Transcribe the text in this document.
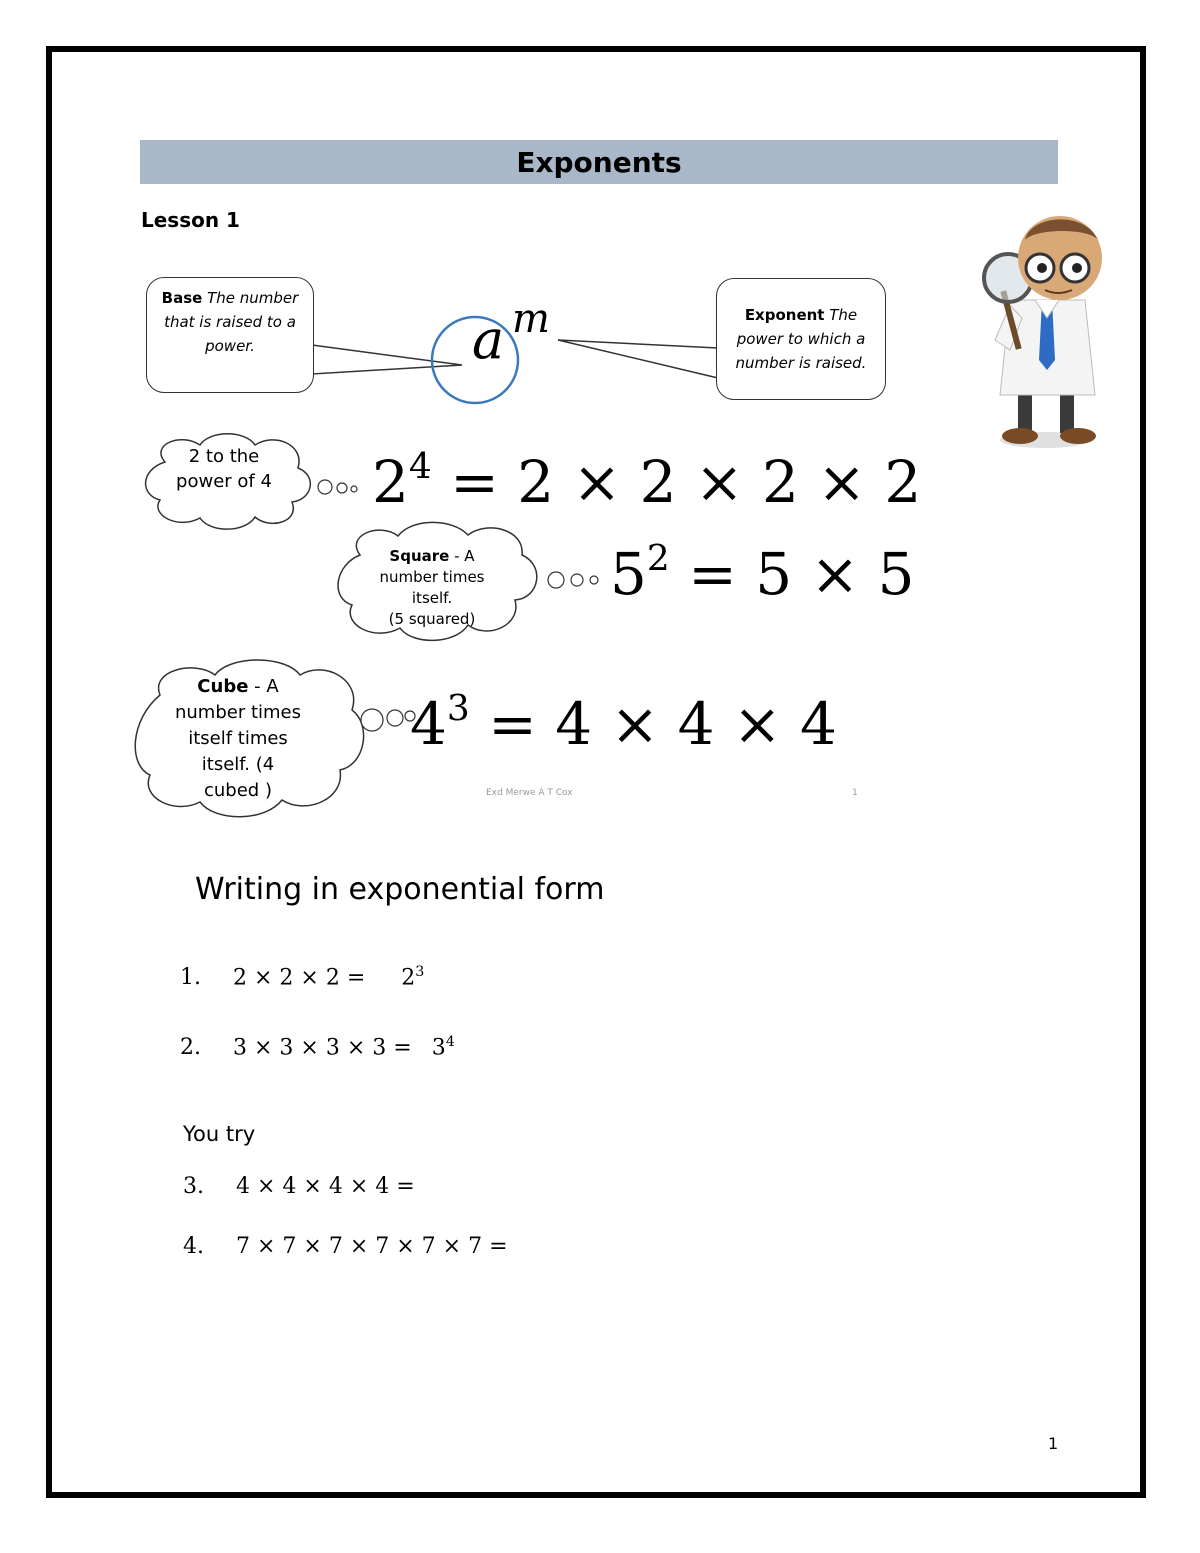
Exponents
Lesson 1
Base The number that is raised to a power.
Exponent The power to which a number is raised.
a m
2 to the power of 4 $2^4 = 2 \times 2 \times 2 \times 2$
Square - A number times itself.
(5 squared)
$5^2 = 5 \times 5$
Cube - A number times itself times itself. (4 cubed )
$4^3 = 4 \times 4 \times 4$
Exd Merwe A T Cox	1
Writing in exponential form
1. $2 \times 2 \times 2 = 2^3$
2. $3 \times 3 \times 3 \times 3 = 3^4$
You try
3. 4 × 4 × 4 × 4 =
4. 7 × 7 × 7 × 7 × 7 × 7 =
1
